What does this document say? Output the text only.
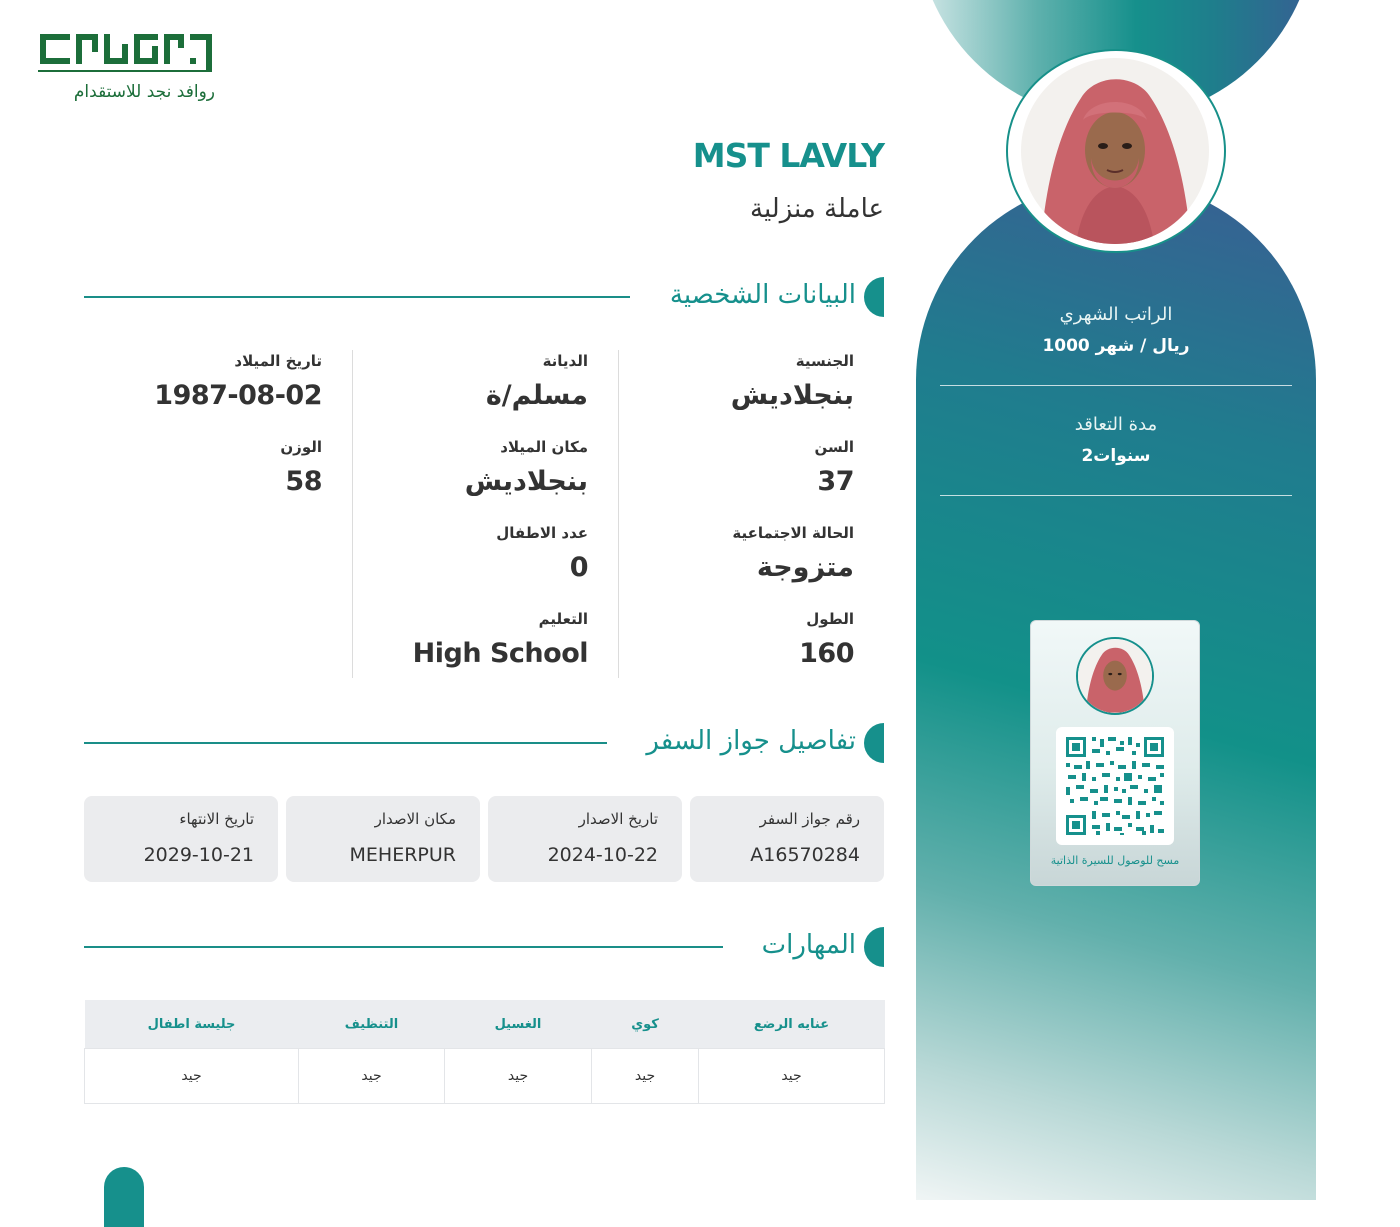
الراتب الشهري
1000 ريال / شهر
مدة التعاقد
2سنوات
مسح للوصول للسيرة الذاتية
روافد نجد للاستقدام
MST LAVLY
عاملة منزلية
البيانات الشخصية
الجنسية
بنجلاديش
السن
37
الحالة الاجتماعية
متزوجة
الطول
160
الديانة
مسلم/ة
مكان الميلاد
بنجلاديش
عدد الاطفال
0
التعليم
High School
تاريخ الميلاد
1987-08-02
الوزن
58
تفاصيل جواز السفر
رقم جواز السفر
A16570284
تاريخ الاصدار
2024-10-22
مكان الاصدار
MEHERPUR
تاريخ الانتهاء
2029-10-21
المهارات
عنايه الرضع	كوي	الغسيل	التنظيف	جليسة اطفال
جيد	جيد	جيد	جيد	جيد
